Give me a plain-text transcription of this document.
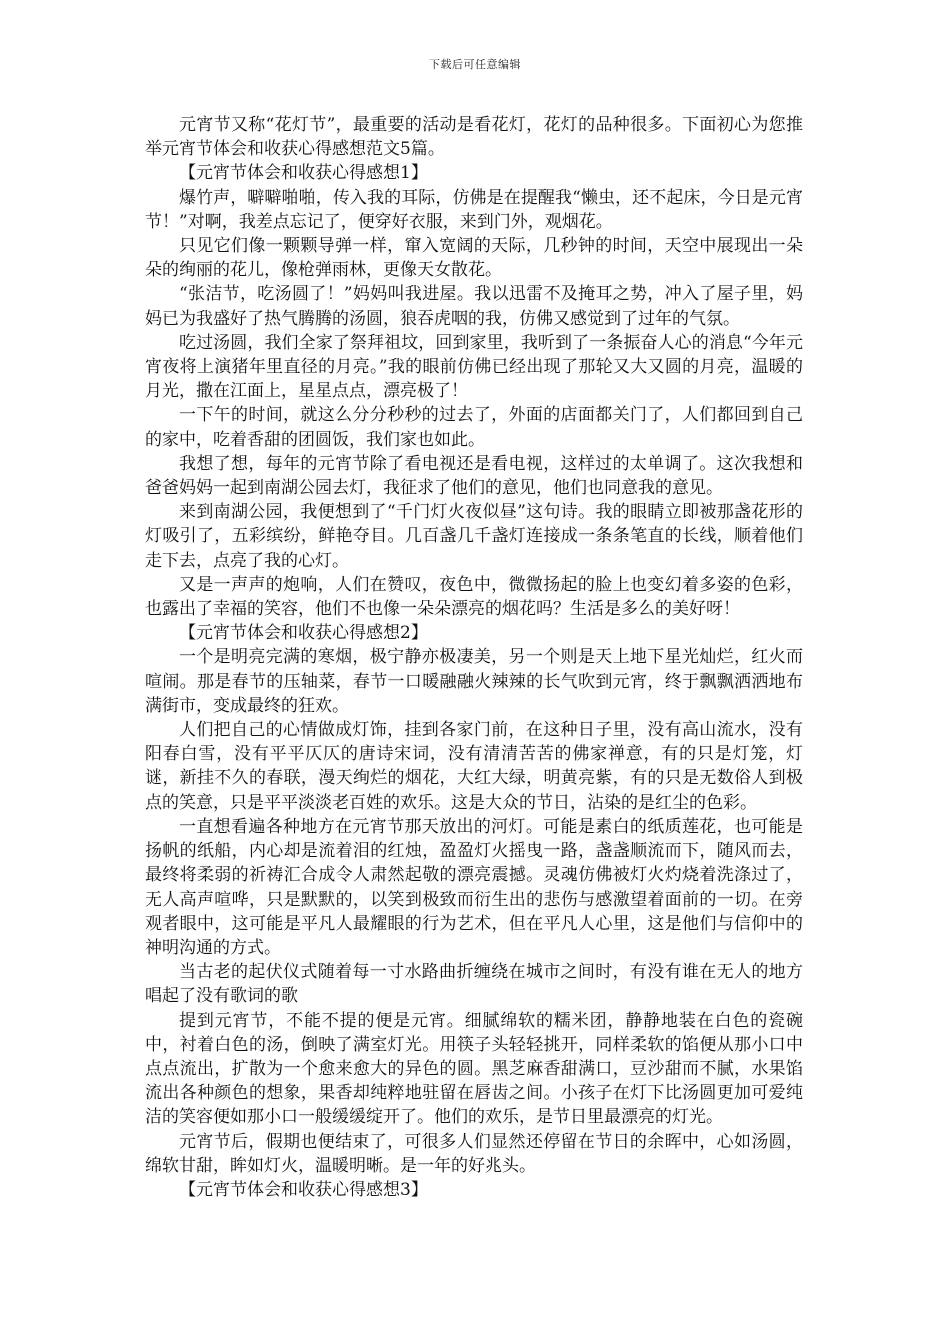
下载后可任意编辑

元宵节又称“花灯节”，最重要的活动是看花灯，花灯的品种很多。下面初心为您推举元宵节体会和收获心得感想范文5篇。

【元宵节体会和收获心得感想1】

爆竹声，噼噼啪啪，传入我的耳际，仿佛是在提醒我“懒虫，还不起床，今日是元宵节！”对啊，我差点忘记了，便穿好衣服，来到门外，观烟花。

只见它们像一颗颗导弹一样，窜入宽阔的天际，几秒钟的时间，天空中展现出一朵朵的绚丽的花儿，像枪弹雨林，更像天女散花。

“张洁节，吃汤圆了！”妈妈叫我进屋。我以迅雷不及掩耳之势，冲入了屋子里，妈妈已为我盛好了热气腾腾的汤圆，狼吞虎咽的我，仿佛又感觉到了过年的气氛。

吃过汤圆，我们全家了祭拜祖坟，回到家里，我听到了一条振奋人心的消息“今年元宵夜将上演猪年里直径的月亮。”我的眼前仿佛已经出现了那轮又大又圆的月亮，温暖的月光，撒在江面上，星星点点，漂亮极了！

一下午的时间，就这么分分秒秒的过去了，外面的店面都关门了，人们都回到自己的家中，吃着香甜的团圆饭，我们家也如此。

我想了想，每年的元宵节除了看电视还是看电视，这样过的太单调了。这次我想和爸爸妈妈一起到南湖公园去灯，我征求了他们的意见，他们也同意我的意见。

来到南湖公园，我便想到了“千门灯火夜似昼”这句诗。我的眼睛立即被那盏花形的灯吸引了，五彩缤纷，鲜艳夺目。几百盏几千盏灯连接成一条条笔直的长线，顺着他们走下去，点亮了我的心灯。

又是一声声的炮响，人们在赞叹，夜色中，微微扬起的脸上也变幻着多姿的色彩，也露出了幸福的笑容，他们不也像一朵朵漂亮的烟花吗？生活是多么的美好呀！

【元宵节体会和收获心得感想2】

一个是明亮完满的寒烟，极宁静亦极凄美，另一个则是天上地下星光灿烂，红火而喧闹。那是春节的压轴菜，春节一口暖融融火辣辣的长气吹到元宵，终于飘飘洒洒地布满街市，变成最终的狂欢。

人们把自己的心情做成灯饰，挂到各家门前，在这种日子里，没有高山流水，没有阳春白雪，没有平平仄仄的唐诗宋词，没有清清苦苦的佛家禅意，有的只是灯笼，灯谜，新挂不久的春联，漫天绚烂的烟花，大红大绿，明黄亮紫，有的只是无数俗人到极点的笑意，只是平平淡淡老百姓的欢乐。这是大众的节日，沾染的是红尘的色彩。

一直想看遍各种地方在元宵节那天放出的河灯。可能是素白的纸质莲花，也可能是扬帆的纸船，内心却是流着泪的红烛，盈盈灯火摇曳一路，盏盏顺流而下，随风而去，最终将柔弱的祈祷汇合成令人肃然起敬的漂亮震撼。灵魂仿佛被灯火灼烧着洗涤过了，无人高声喧哗，只是默默的，以笑到极致而衍生出的悲伤与感激望着面前的一切。在旁观者眼中，这可能是平凡人最耀眼的行为艺术，但在平凡人心里，这是他们与信仰中的神明沟通的方式。

当古老的起伏仪式随着每一寸水路曲折缠绕在城市之间时，有没有谁在无人的地方唱起了没有歌词的歌

提到元宵节，不能不提的便是元宵。细腻绵软的糯米团，静静地装在白色的瓷碗中，衬着白色的汤，倒映了满室灯光。用筷子头轻轻挑开，同样柔软的馅便从那小口中点点流出，扩散为一个愈来愈大的异色的圆。黑芝麻香甜满口，豆沙甜而不腻，水果馅流出各种颜色的想象，果香却纯粹地驻留在唇齿之间。小孩子在灯下比汤圆更加可爱纯洁的笑容便如那小口一般缓缓绽开了。他们的欢乐，是节日里最漂亮的灯光。

元宵节后，假期也便结束了，可很多人们显然还停留在节日的余晖中，心如汤圆，绵软甘甜，眸如灯火，温暖明晰。是一年的好兆头。

【元宵节体会和收获心得感想3】
